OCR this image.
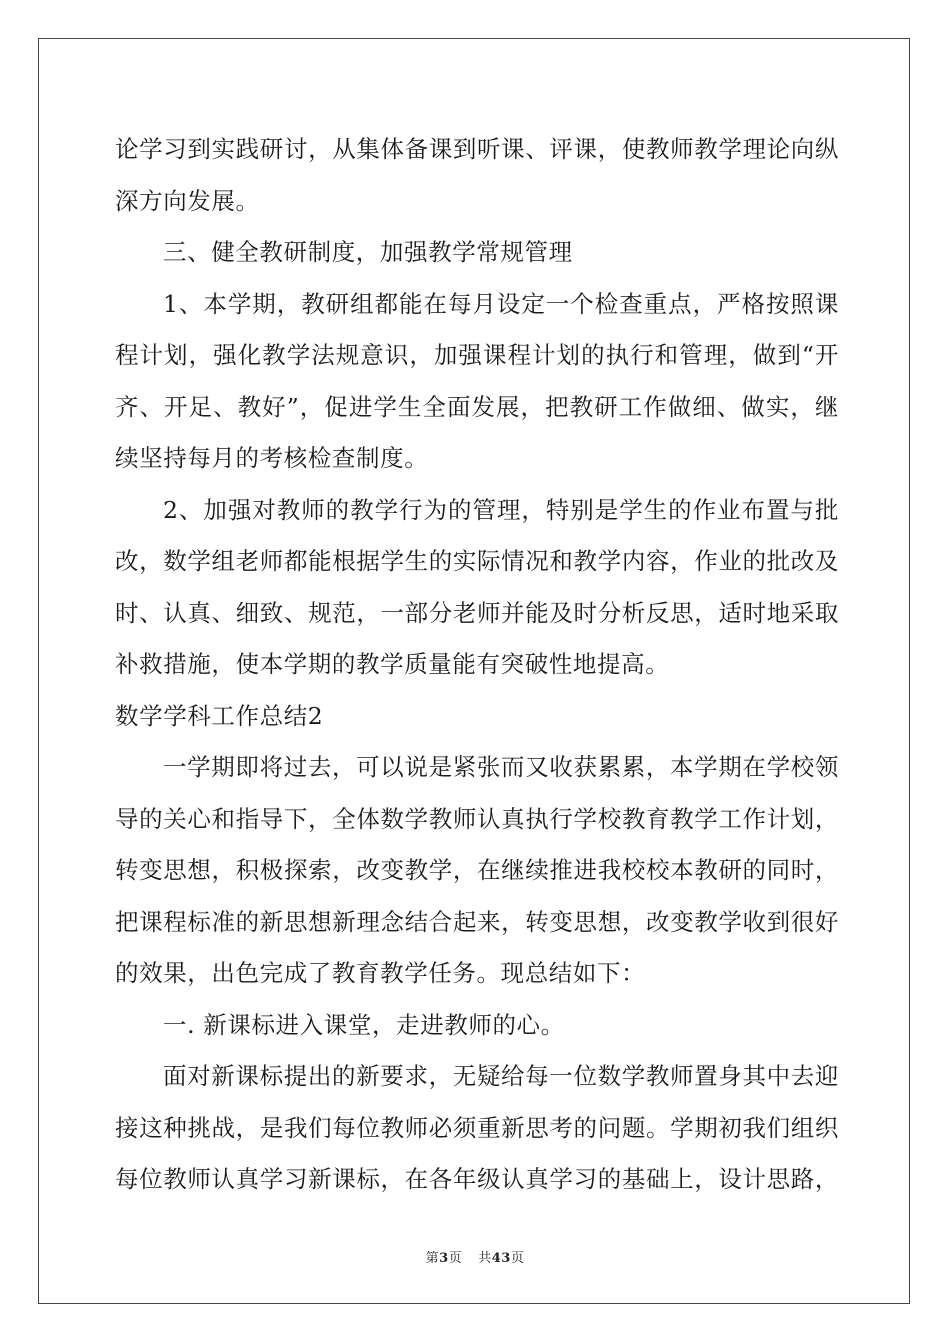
论学习到实践研讨，从集体备课到听课、评课，使教师教学理论向纵
深方向发展。
三、健全教研制度，加强教学常规管理
1、本学期，教研组都能在每月设定一个检查重点，严格按照课
程计划，强化教学法规意识，加强课程计划的执行和管理，做到“开
齐、开足、教好”，促进学生全面发展，把教研工作做细、做实，继
续坚持每月的考核检查制度。
2、加强对教师的教学行为的管理，特别是学生的作业布置与批
改，数学组老师都能根据学生的实际情况和教学内容，作业的批改及
时、认真、细致、规范，一部分老师并能及时分析反思，适时地采取
补救措施，使本学期的教学质量能有突破性地提高。
数学学科工作总结2
一学期即将过去，可以说是紧张而又收获累累，本学期在学校领
导的关心和指导下，全体数学教师认真执行学校教育教学工作计划，
转变思想，积极探索，改变教学，在继续推进我校校本教研的同时，
把课程标准的新思想新理念结合起来，转变思想，改变教学收到很好
的效果，出色完成了教育教学任务。现总结如下：
一. 新课标进入课堂，走进教师的心。
面对新课标提出的新要求，无疑给每一位数学教师置身其中去迎
接这种挑战，是我们每位教师必须重新思考的问题。学期初我们组织
每位教师认真学习新课标，在各年级认真学习的基础上，设计思路，
第3页 共43页
